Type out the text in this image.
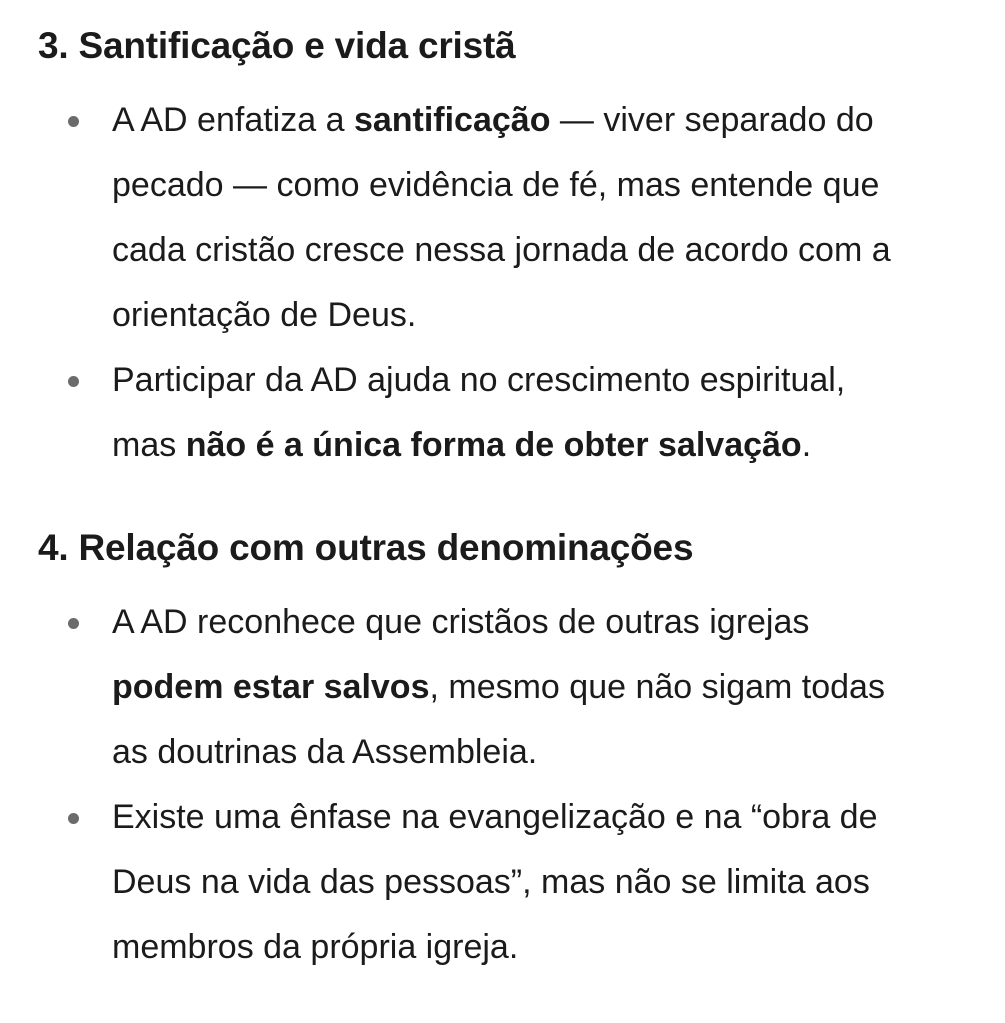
3. Santificação e vida cristã
A AD enfatiza a santificação — viver separado do
pecado — como evidência de fé, mas entende que
cada cristão cresce nessa jornada de acordo com a
orientação de Deus.
Participar da AD ajuda no crescimento espiritual,
mas não é a única forma de obter salvação.
4. Relação com outras denominações
A AD reconhece que cristãos de outras igrejas
podem estar salvos, mesmo que não sigam todas
as doutrinas da Assembleia.
Existe uma ênfase na evangelização e na “obra de
Deus na vida das pessoas”, mas não se limita aos
membros da própria igreja.
